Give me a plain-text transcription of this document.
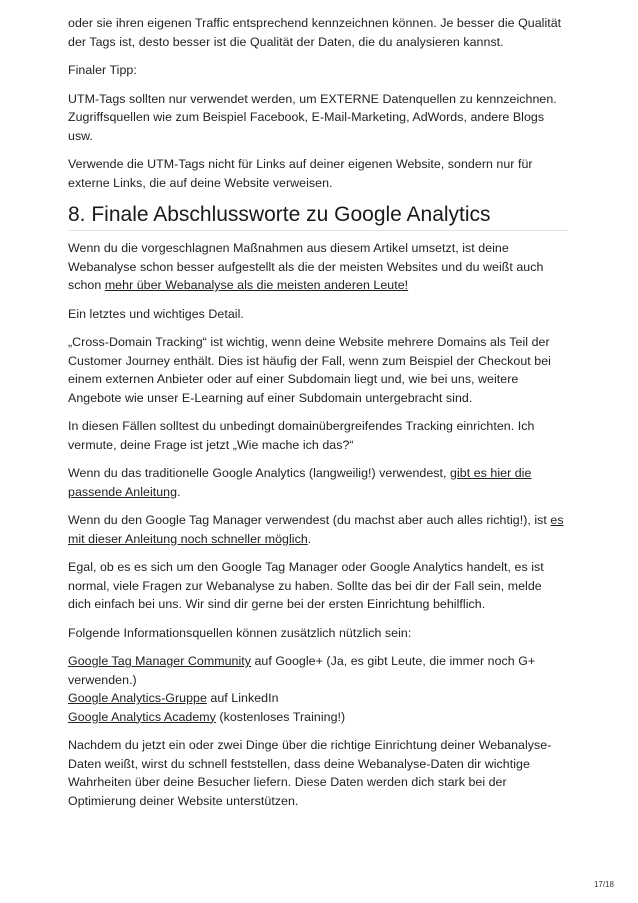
oder sie ihren eigenen Traffic entsprechend kennzeichnen können. Je besser die Qualität der Tags ist, desto besser ist die Qualität der Daten, die du analysieren kannst.

Finaler Tipp:

UTM-Tags sollten nur verwendet werden, um EXTERNE Datenquellen zu kennzeichnen. Zugriffsquellen wie zum Beispiel Facebook, E-Mail-Marketing, AdWords, andere Blogs usw.

Verwende die UTM-Tags nicht für Links auf deiner eigenen Website, sondern nur für externe Links, die auf deine Website verweisen.

8. Finale Abschlussworte zu Google Analytics

Wenn du die vorgeschlagnen Maßnahmen aus diesem Artikel umsetzt, ist deine Webanalyse schon besser aufgestellt als die der meisten Websites und du weißt auch schon mehr über Webanalyse als die meisten anderen Leute!

Ein letztes und wichtiges Detail.

„Cross-Domain Tracking“ ist wichtig, wenn deine Website mehrere Domains als Teil der Customer Journey enthält. Dies ist häufig der Fall, wenn zum Beispiel der Checkout bei einem externen Anbieter oder auf einer Subdomain liegt und, wie bei uns, weitere Angebote wie unser E-Learning auf einer Subdomain untergebracht sind.

In diesen Fällen solltest du unbedingt domainübergreifendes Tracking einrichten. Ich vermute, deine Frage ist jetzt „Wie mache ich das?“

Wenn du das traditionelle Google Analytics (langweilig!) verwendest, gibt es hier die passende Anleitung.

Wenn du den Google Tag Manager verwendest (du machst aber auch alles richtig!), ist es mit dieser Anleitung noch schneller möglich.

Egal, ob es es sich um den Google Tag Manager oder Google Analytics handelt, es ist normal, viele Fragen zur Webanalyse zu haben. Sollte das bei dir der Fall sein, melde dich einfach bei uns. Wir sind dir gerne bei der ersten Einrichtung behilflich.

Folgende Informationsquellen können zusätzlich nützlich sein:

Google Tag Manager Community auf Google+ (Ja, es gibt Leute, die immer noch G+ verwenden.)
Google Analytics-Gruppe auf LinkedIn
Google Analytics Academy (kostenloses Training!)

Nachdem du jetzt ein oder zwei Dinge über die richtige Einrichtung deiner Webanalyse-Daten weißt, wirst du schnell feststellen, dass deine Webanalyse-Daten dir wichtige Wahrheiten über deine Besucher liefern. Diese Daten werden dich stark bei der Optimierung deiner Website unterstützen.

17/18
